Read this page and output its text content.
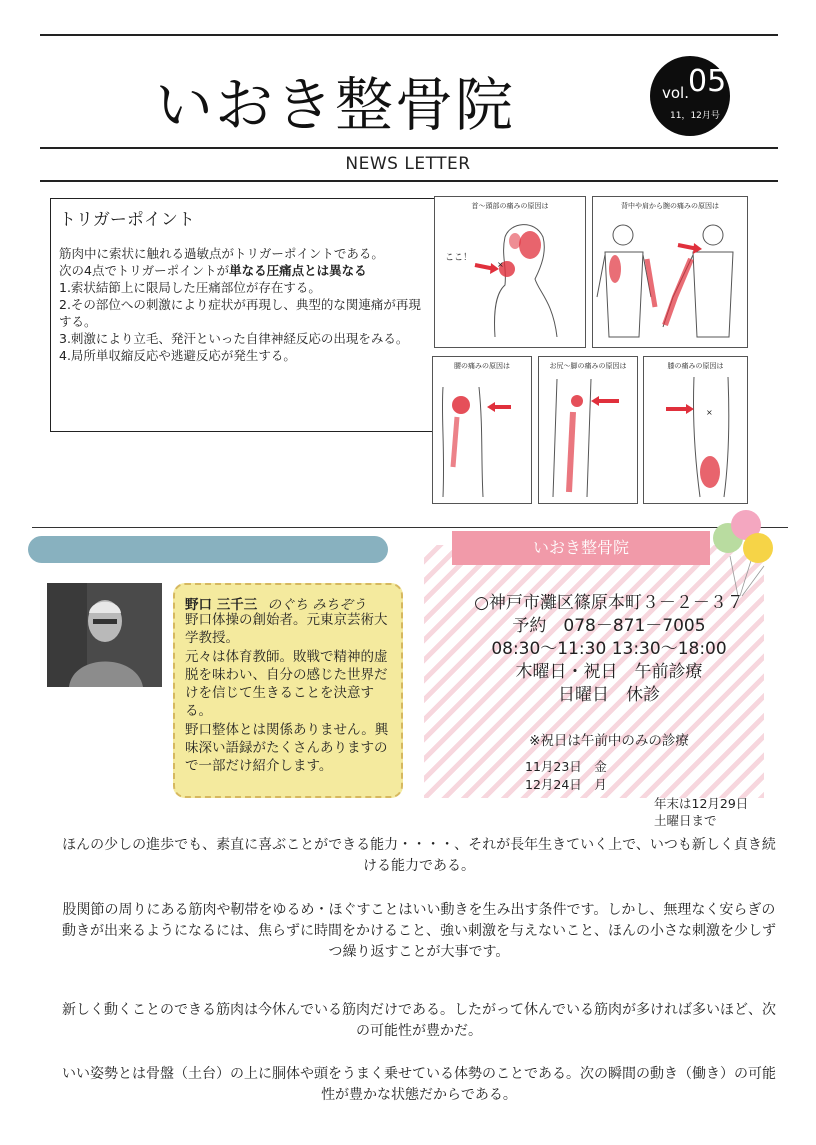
いおき整骨院	vol. 05
11，12月号
NEWS LETTER
トリガーポイント

筋肉中に索状に触れる過敏点がトリガーポイントである。

次の4点でトリガーポイントが単なる圧痛点とは異なる

1.索状結節上に限局した圧痛部位が存在する。

2.その部位への刺激により症状が再現し、典型的な関連痛が再現する。

3.刺激により立毛、発汗といった自律神経反応の出現をみる。

4.局所単収縮反応や逃避反応が発生する。

首～頭部の痛みの原因は
×
ここ！
背中や肩から腕の痛みの原因は
腰の痛みの原因は	お尻～脚の痛みの原因は	膝の痛みの原因は
×
野口 三千三 のぐち みちぞう

野口体操の創始者。元東京芸術大学教授。

元々は体育教師。敗戦で精神的虚脱を味わい、自分の感じた世界だけを信じて生きることを決意する。

野口整体とは関係ありません。興味深い語録がたくさんありますので一部だけ紹介します。

いおき整骨院
○神戸市灘区篠原本町３－２－３７
予約　078－871－7005
08:30～11:30 13:30～18:00
木曜日・祝日　午前診療
日曜日　休診
※祝日は午前中のみの診療
11月23日　金
12月24日　月
年末は12月29日
土曜日まで
ほんの少しの進歩でも、素直に喜ぶことができる能力・・・・、それが長年生きていく上で、いつも新しく貞き続ける能力である。
股関節の周りにある筋肉や靭帯をゆるめ・ほぐすことはいい動きを生み出す条件です。しかし、無理なく安らぎの動きが出来るようになるには、焦らずに時間をかけること、強い刺激を与えないこと、ほんの小さな刺激を少しずつ繰り返すことが大事です。
新しく動くことのできる筋肉は今休んでいる筋肉だけである。したがって休んでいる筋肉が多ければ多いほど、次の可能性が豊かだ。
いい姿勢とは骨盤（土台）の上に胴体や頭をうまく乗せている体勢のことである。次の瞬間の動き（働き）の可能性が豊かな状態だからである。
